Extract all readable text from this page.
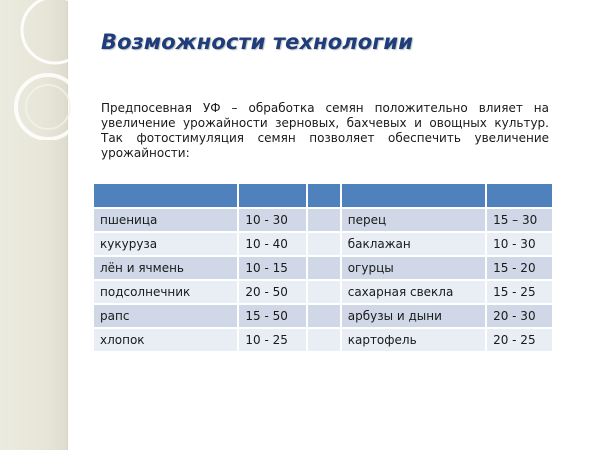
Возможности технологии

Предпосевная УФ – обработка семян положительно влияет на увеличение урожайности зерновых, бахчевых и овощных культур. Так фотостимуляция семян позволяет обеспечить увеличение урожайности:

пшеница	10 - 30		перец	15 – 30
кукуруза	10 - 40		баклажан	10 - 30
лён и ячмень	10 - 15		огурцы	15 - 20
подсолнечник	20 - 50		сахарная свекла	15 - 25
рапс	15 - 50		арбузы и дыни	20 - 30
хлопок	10 - 25		картофель	20 - 25
